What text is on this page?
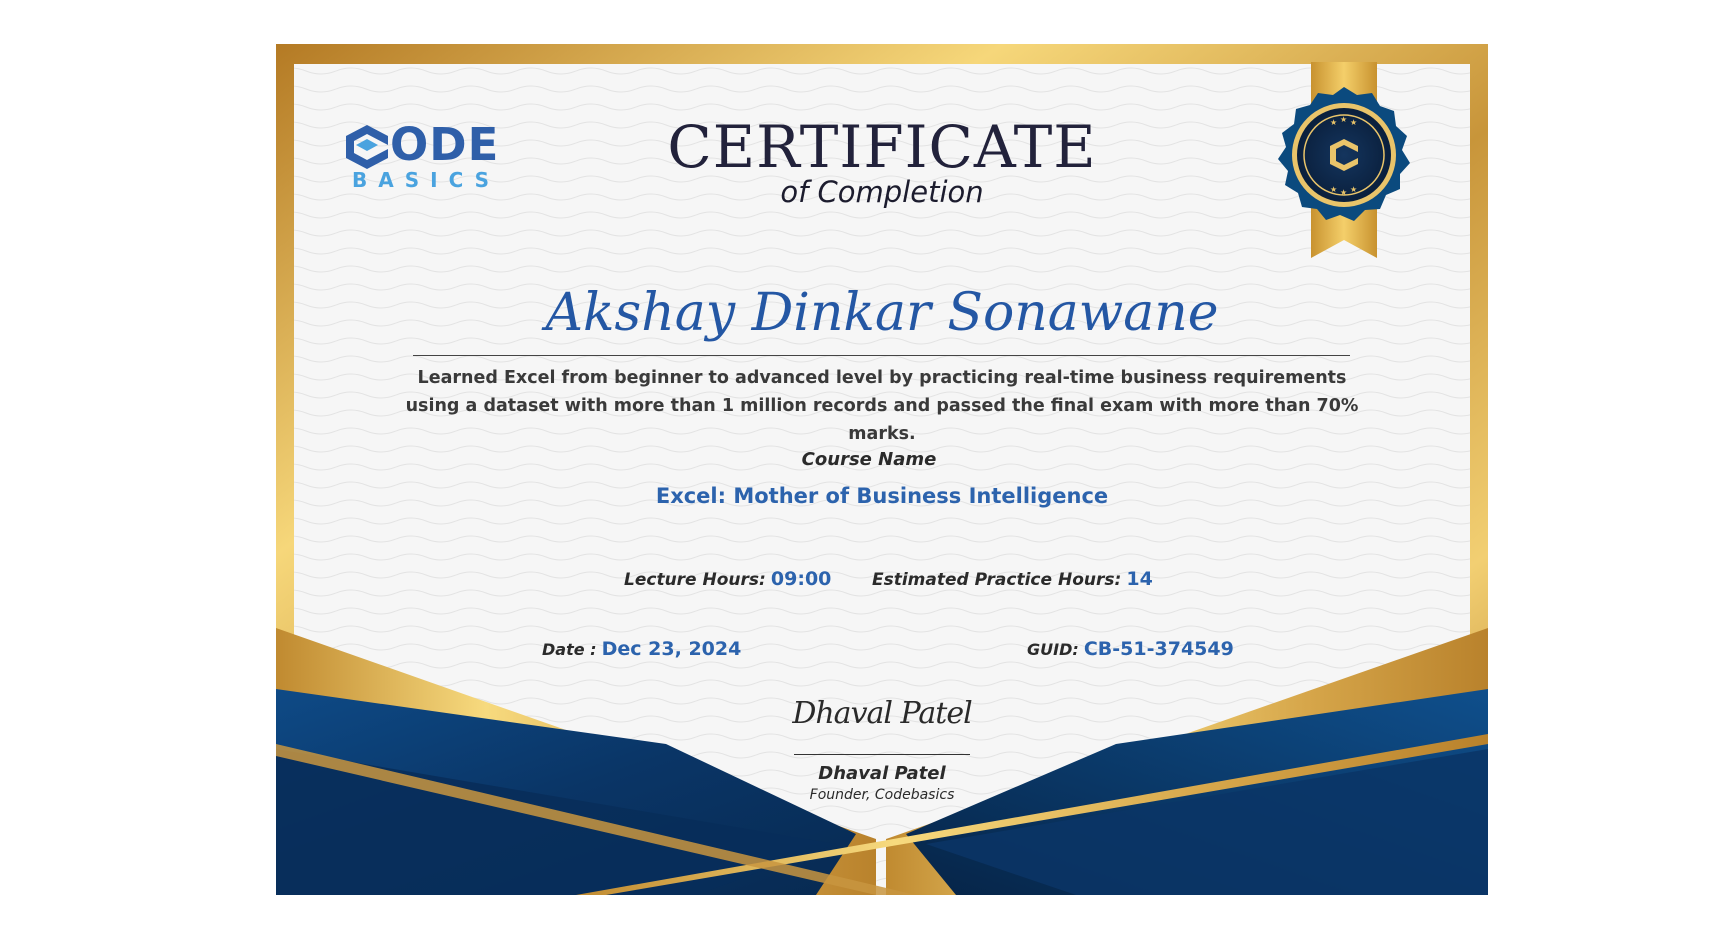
ODE
BASICS	CERTIFICATE
of Completion
★ ★ ★
★ ★ ★
Akshay Dinkar Sonawane
Learned Excel from beginner to advanced level by practicing real-time business requirements using a dataset with more than 1 million records and passed the final exam with more than 70% marks.
Course Name
Excel: Mother of Business Intelligence
Lecture Hours: 09:00 Estimated Practice Hours: 14
Date : Dec 23, 2024	GUID: CB-51-374549
Dhaval Patel
Dhaval Patel
Founder, Codebasics
